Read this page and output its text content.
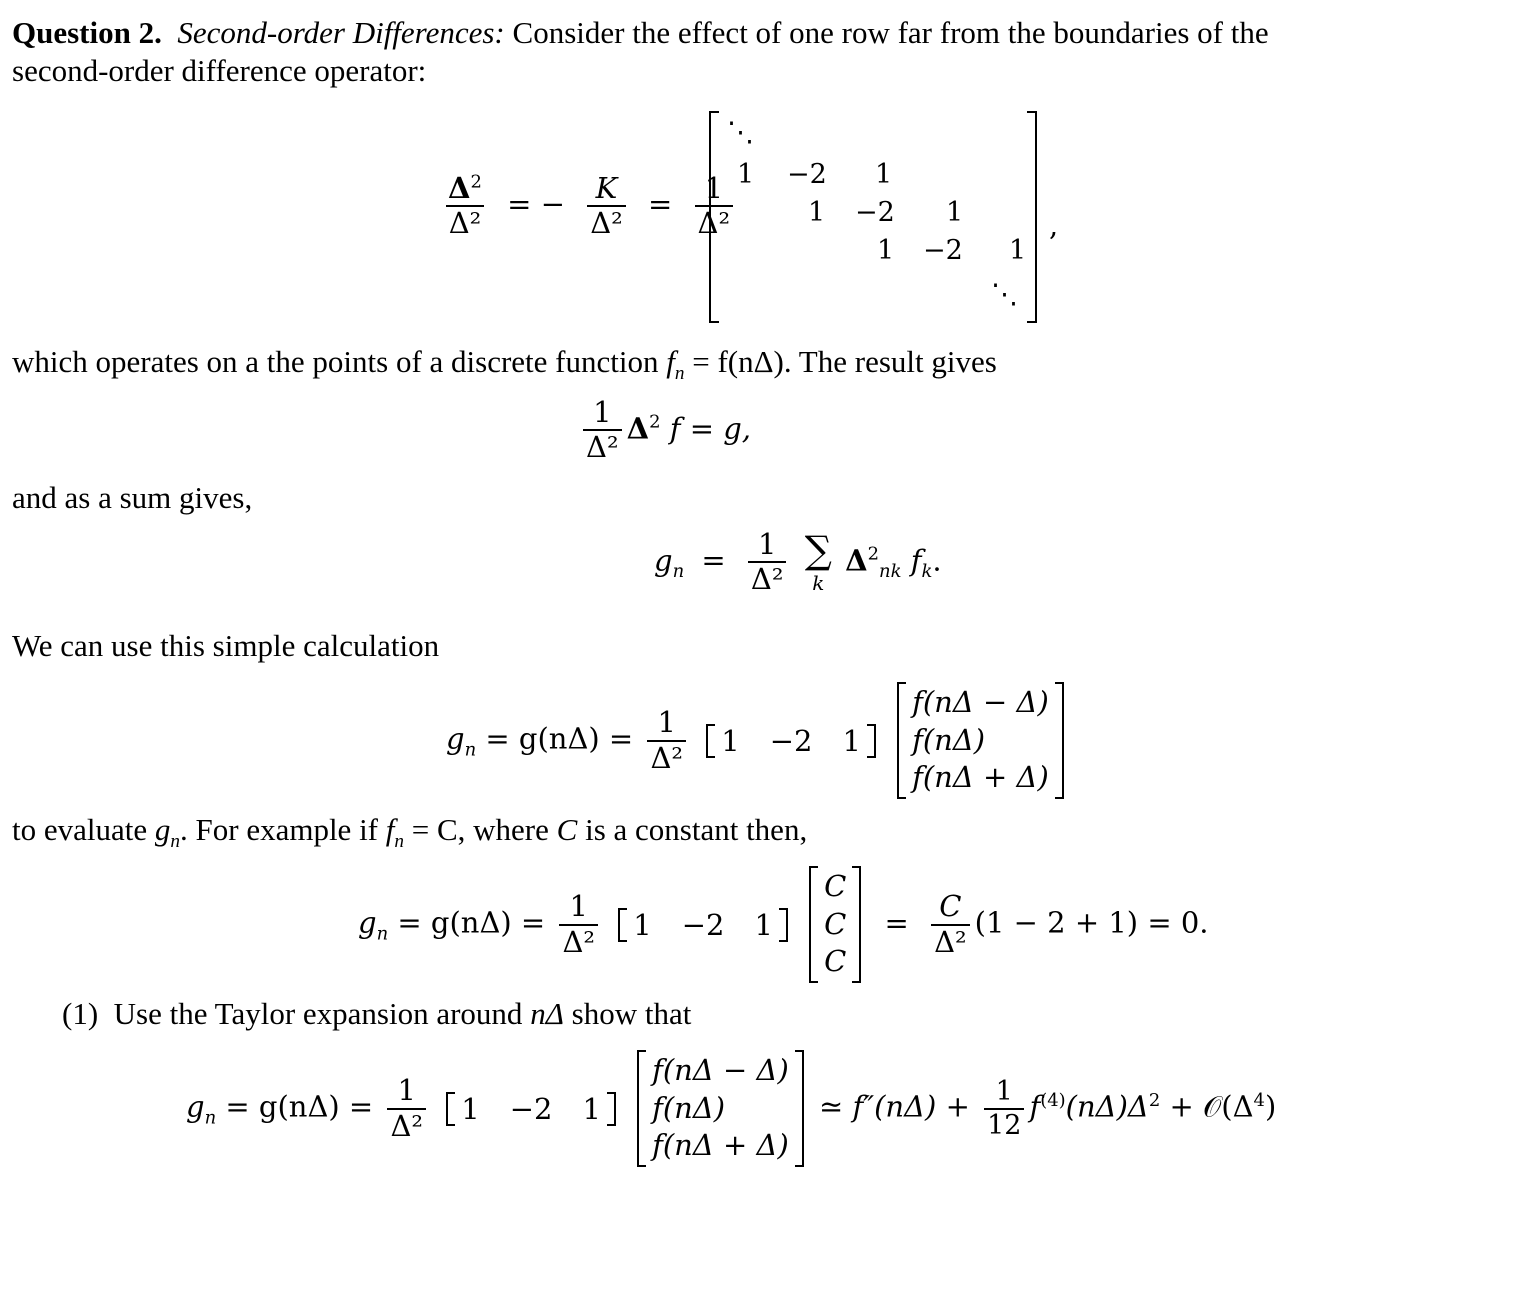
Question 2. Second-order Differences: Consider the effect of one row far from the boundaries of the
second-order difference operator:
$\frac{\Delta^2}{\text{Δ²}}$ = − $\frac{K}{\text{Δ²}} = \frac{1}{\text{Δ²}}$
⋱
1 −2 1
1 −2 1
1 −2 1
⋱
,
which operates on a the points of a discrete function $f_n = f(n\Delta)$. The result gives
$\frac{1}{\text{Δ²}} \Delta^2$ f = g,
and as a sum gives,
$g_n = \frac{1}{\text{Δ²}}$
∑
k
$\Delta^2_{nk}$ $f_k$.
We can use this simple calculation
$g_n = g(n\Delta) = \frac{1}{\text{Δ²}}$
1 −2 1

f(nΔ − Δ)
f(nΔ)
f(nΔ + Δ)
to evaluate $g_n$. For example if $f_n = C$, where C is a constant then,
$g_n = g(n\Delta) = \frac{1}{\text{Δ²}}$
1 −2 1

C
C
C
= $\frac{C}{\text{Δ²}} (1 - 2 + 1) = 0$.
(1) Use the Taylor expansion around nΔ show that
$g_n = g(n\Delta) = \frac{1}{\text{Δ²}}$
1 −2 1

f(nΔ − Δ)
f(nΔ)
f(nΔ + Δ)
≃ $f''(n\Delta) + \frac{1}{12} f^{(4)}(n\Delta)\Delta^2$ + $𝒪(\Delta^4)$
